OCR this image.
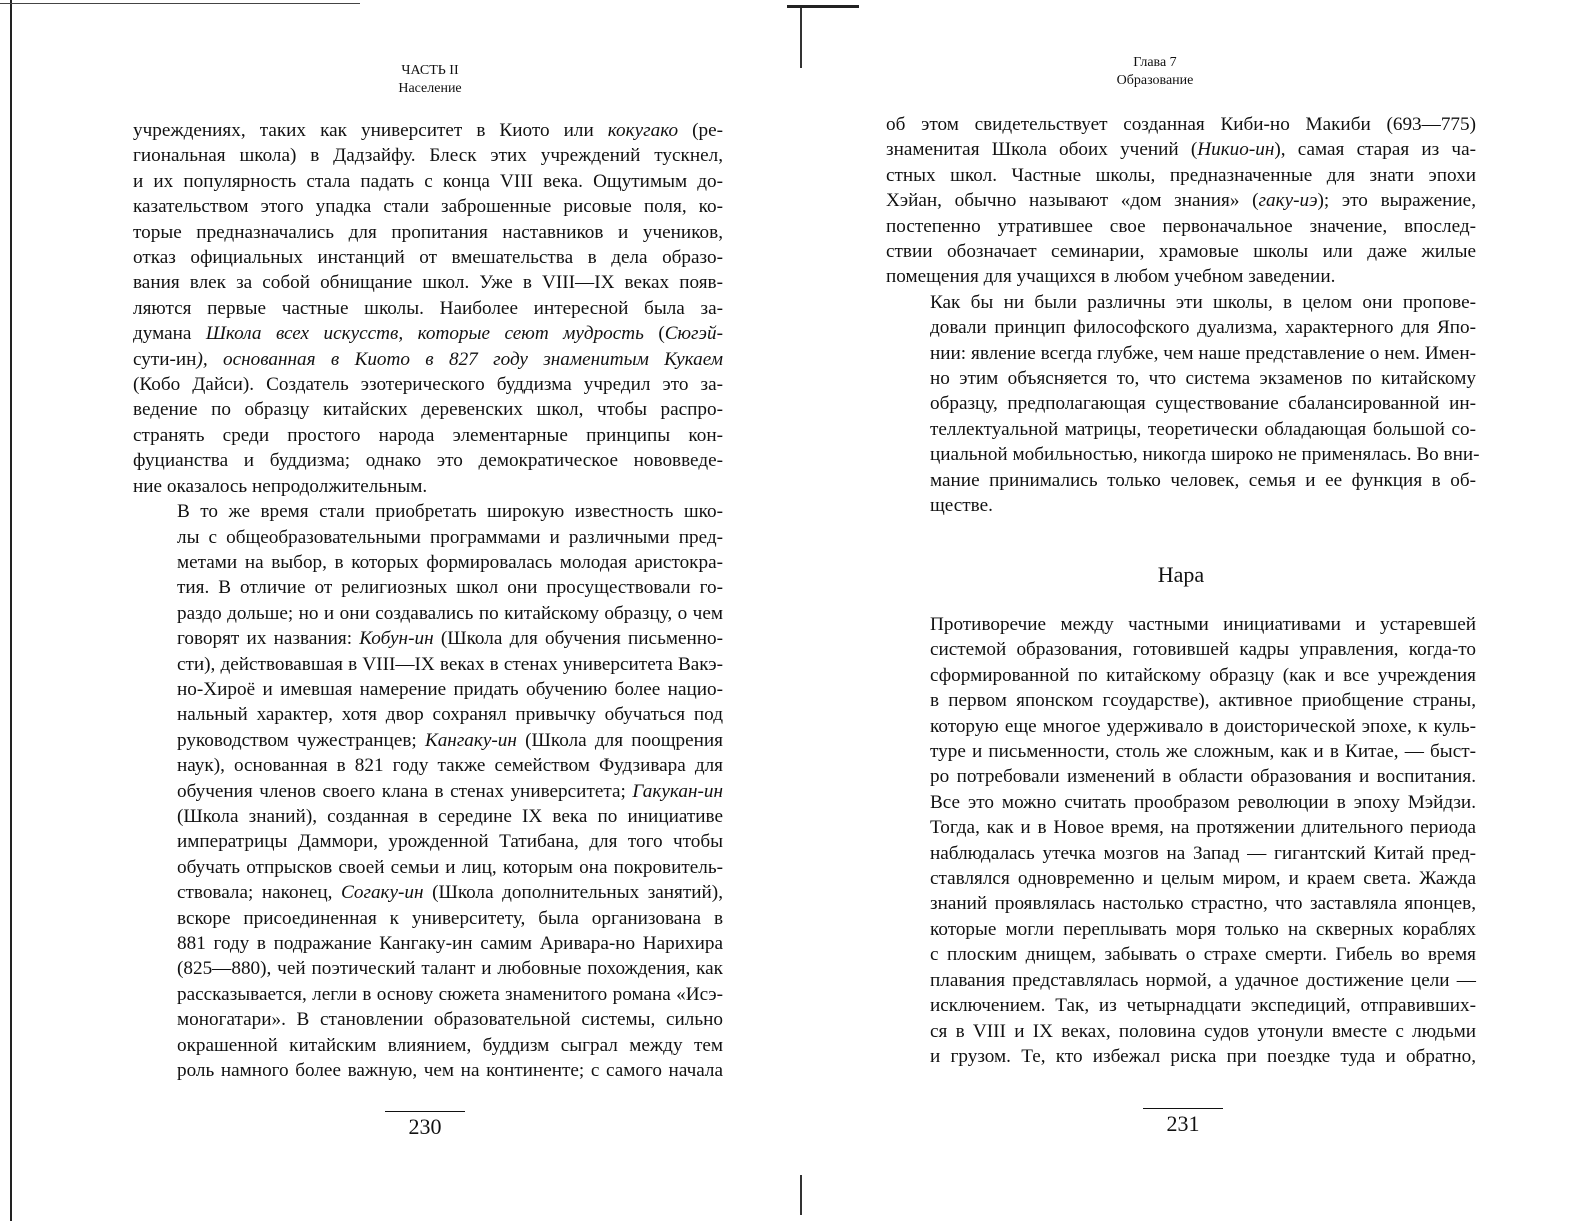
ЧАСТЬ II
Население
учреждениях, таких как университет в Киото или кокугако (ре-
гиональная школа) в Дадзайфу. Блеск этих учреждений тускнел,
и их популярность стала падать с конца VIII века. Ощутимым до-
казательством этого упадка стали заброшенные рисовые поля, ко-
торые предназначались для пропитания наставников и учеников,
отказ официальных инстанций от вмешательства в дела образо-
вания влек за собой обнищание школ. Уже в VIII—IX веках появ-
ляются первые частные школы. Наиболее интересной была за-
думана Школа всех искусств, которые сеют мудрость (Сюгэй-
сути-ин), основанная в Киото в 827 году знаменитым Кукаем
(Кобо Дайси). Создатель эзотерического буддизма учредил это за-
ведение по образцу китайских деревенских школ, чтобы распро-
странять среди простого народа элементарные принципы кон-
фуцианства и буддизма; однако это демократическое нововведе-
ние оказалось непродолжительным.
В то же время стали приобретать широкую известность шко-
лы с общеобразовательными программами и различными пред-
метами на выбор, в которых формировалась молодая аристокра-
тия. В отличие от религиозных школ они просуществовали го-
раздо дольше; но и они создавались по китайскому образцу, о чем
говорят их названия: Кобун-ин (Школа для обучения письменно-
сти), действовавшая в VIII—IX веках в стенах университета Вакэ-
но-Хироё и имевшая намерение придать обучению более нацио-
нальный характер, хотя двор сохранял привычку обучаться под
руководством чужестранцев; Кангаку-ин (Школа для поощрения
наук), основанная в 821 году также семейством Фудзивара для
обучения членов своего клана в стенах университета; Гакукан-ин
(Школа знаний), созданная в середине IX века по инициативе
императрицы Даммори, урожденной Татибана, для того чтобы
обучать отпрысков своей семьи и лиц, которым она покровитель-
ствовала; наконец, Согаку-ин (Школа дополнительных занятий),
вскоре присоединенная к университету, была организована в
881 году в подражание Кангаку-ин самим Аривара-но Нарихира
(825—880), чей поэтический талант и любовные похождения, как
рассказывается, легли в основу сюжета знаменитого романа «Исэ-
моногатари». В становлении образовательной системы, сильно
окрашенной китайским влиянием, буддизм сыграл между тем
роль намного более важную, чем на континенте; с самого начала
230
Глава 7
Образование
об этом свидетельствует созданная Киби-но Макиби (693—775)
знаменитая Школа обоих учений (Никио-ин), самая старая из ча-
стных школ. Частные школы, предназначенные для знати эпохи
Хэйан, обычно называют «дом знания» (гаку-иэ); это выражение,
постепенно утратившее свое первоначальное значение, впослед-
ствии обозначает семинарии, храмовые школы или даже жилые
помещения для учащихся в любом учебном заведении.
Как бы ни были различны эти школы, в целом они пропове-
довали принцип философского дуализма, характерного для Япо-
нии: явление всегда глубже, чем наше представление о нем. Имен-
но этим объясняется то, что система экзаменов по китайскому
образцу, предполагающая существование сбалансированной ин-
теллектуальной матрицы, теоретически обладающая большой со-
циальной мобильностью, никогда широко не применялась. Во вни-
мание принимались только человек, семья и ее функция в об-
ществе.
Нара
Противоречие между частными инициативами и устаревшей
системой образования, готовившей кадры управления, когда-то
сформированной по китайскому образцу (как и все учреждения
в первом японском гсоударстве), активное приобщение страны,
которую еще многое удерживало в доисторической эпохе, к куль-
туре и письменности, столь же сложным, как и в Китае, — быст-
ро потребовали изменений в области образования и воспитания.
Все это можно считать прообразом революции в эпоху Мэйдзи.
Тогда, как и в Новое время, на протяжении длительного периода
наблюдалась утечка мозгов на Запад — гигантский Китай пред-
ставлялся одновременно и целым миром, и краем света. Жажда
знаний проявлялась настолько страстно, что заставляла японцев,
которые могли переплывать моря только на скверных кораблях
с плоским днищем, забывать о страхе смерти. Гибель во время
плавания представлялась нормой, а удачное достижение цели —
исключением. Так, из четырнадцати экспедиций, отправивших-
ся в VIII и IX веках, половина судов утонули вместе с людьми
и грузом. Те, кто избежал риска при поездке туда и обратно,
231
